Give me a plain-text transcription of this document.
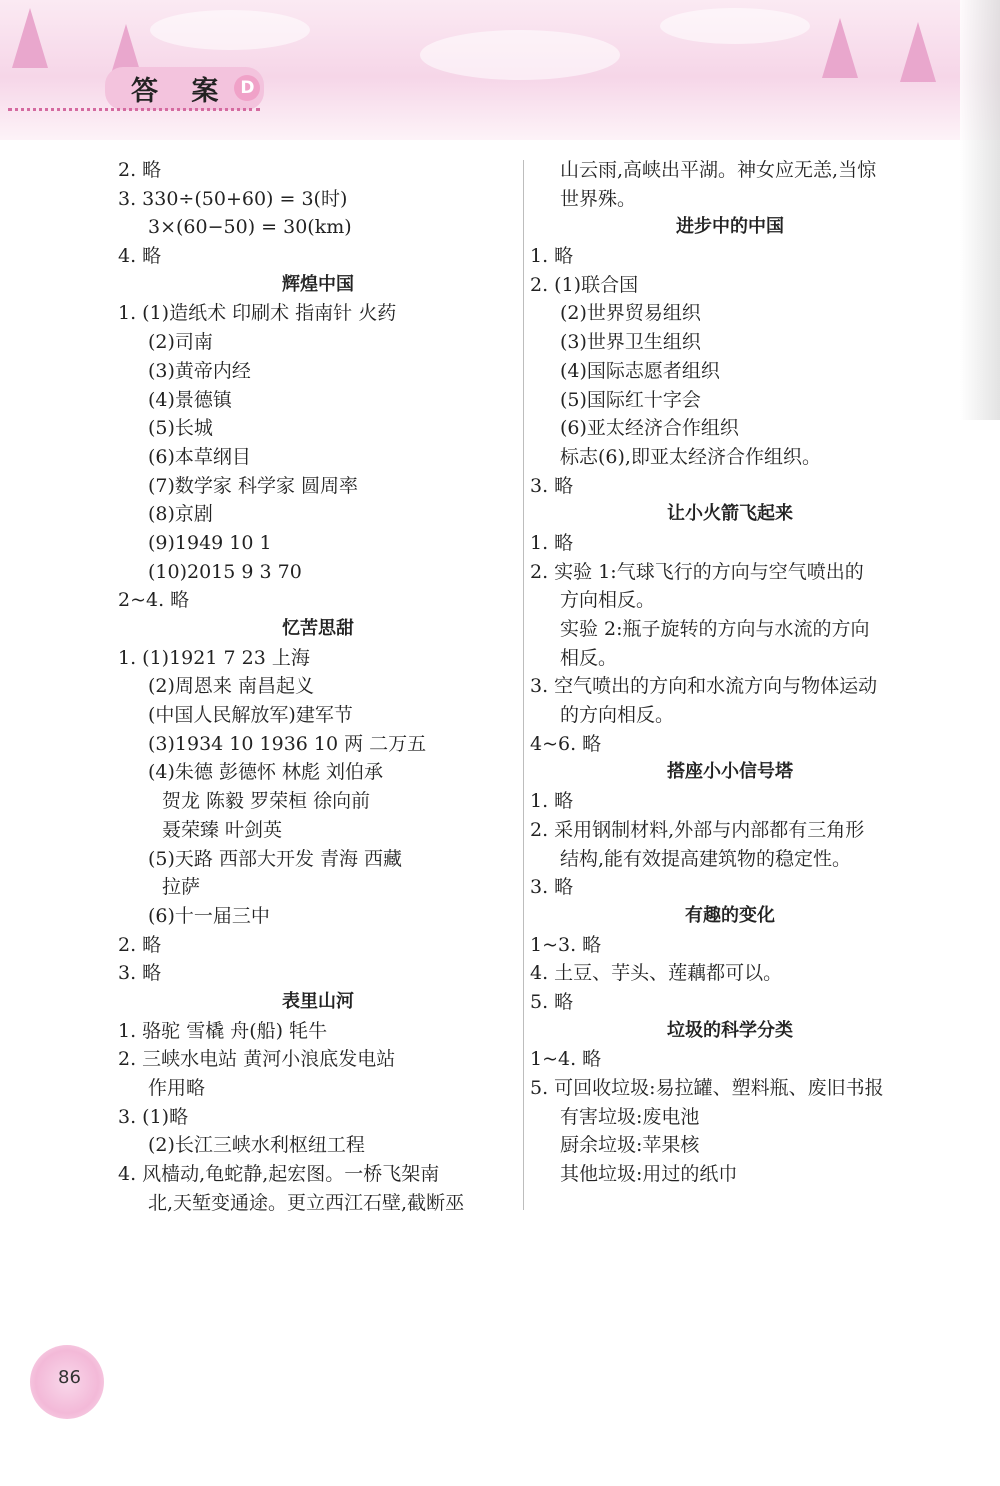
答 案 D
2. 略
3. 330÷(50+60) = 3(时)
3×(60−50) = 30(km)
4. 略
辉煌中国
1. (1)造纸术 印刷术 指南针 火药
(2)司南
(3)黄帝内经
(4)景德镇
(5)长城
(6)本草纲目
(7)数学家 科学家 圆周率
(8)京剧
(9)1949 10 1
(10)2015 9 3 70
2~4. 略
忆苦思甜
1. (1)1921 7 23 上海
(2)周恩来 南昌起义
(中国人民解放军)建军节
(3)1934 10 1936 10 两 二万五
(4)朱德 彭德怀 林彪 刘伯承
贺龙 陈毅 罗荣桓 徐向前
聂荣臻 叶剑英
(5)天路 西部大开发 青海 西藏
拉萨
(6)十一届三中
2. 略
3. 略
表里山河
1. 骆驼 雪橇 舟(船) 牦牛
2. 三峡水电站 黄河小浪底发电站
作用略
3. (1)略
(2)长江三峡水利枢纽工程
4. 风樯动,龟蛇静,起宏图。一桥飞架南
北,天堑变通途。更立西江石壁,截断巫
山云雨,高峡出平湖。神女应无恙,当惊
世界殊。
进步中的中国
1. 略
2. (1)联合国
(2)世界贸易组织
(3)世界卫生组织
(4)国际志愿者组织
(5)国际红十字会
(6)亚太经济合作组织
标志(6),即亚太经济合作组织。
3. 略
让小火箭飞起来
1. 略
2. 实验 1:气球飞行的方向与空气喷出的
方向相反。
实验 2:瓶子旋转的方向与水流的方向
相反。
3. 空气喷出的方向和水流方向与物体运动
的方向相反。
4~6. 略
搭座小小信号塔
1. 略
2. 采用钢制材料,外部与内部都有三角形
结构,能有效提高建筑物的稳定性。
3. 略
有趣的变化
1~3. 略
4. 土豆、芋头、莲藕都可以。
5. 略
垃圾的科学分类
1~4. 略
5. 可回收垃圾:易拉罐、塑料瓶、废旧书报
有害垃圾:废电池
厨余垃圾:苹果核
其他垃圾:用过的纸巾
86
